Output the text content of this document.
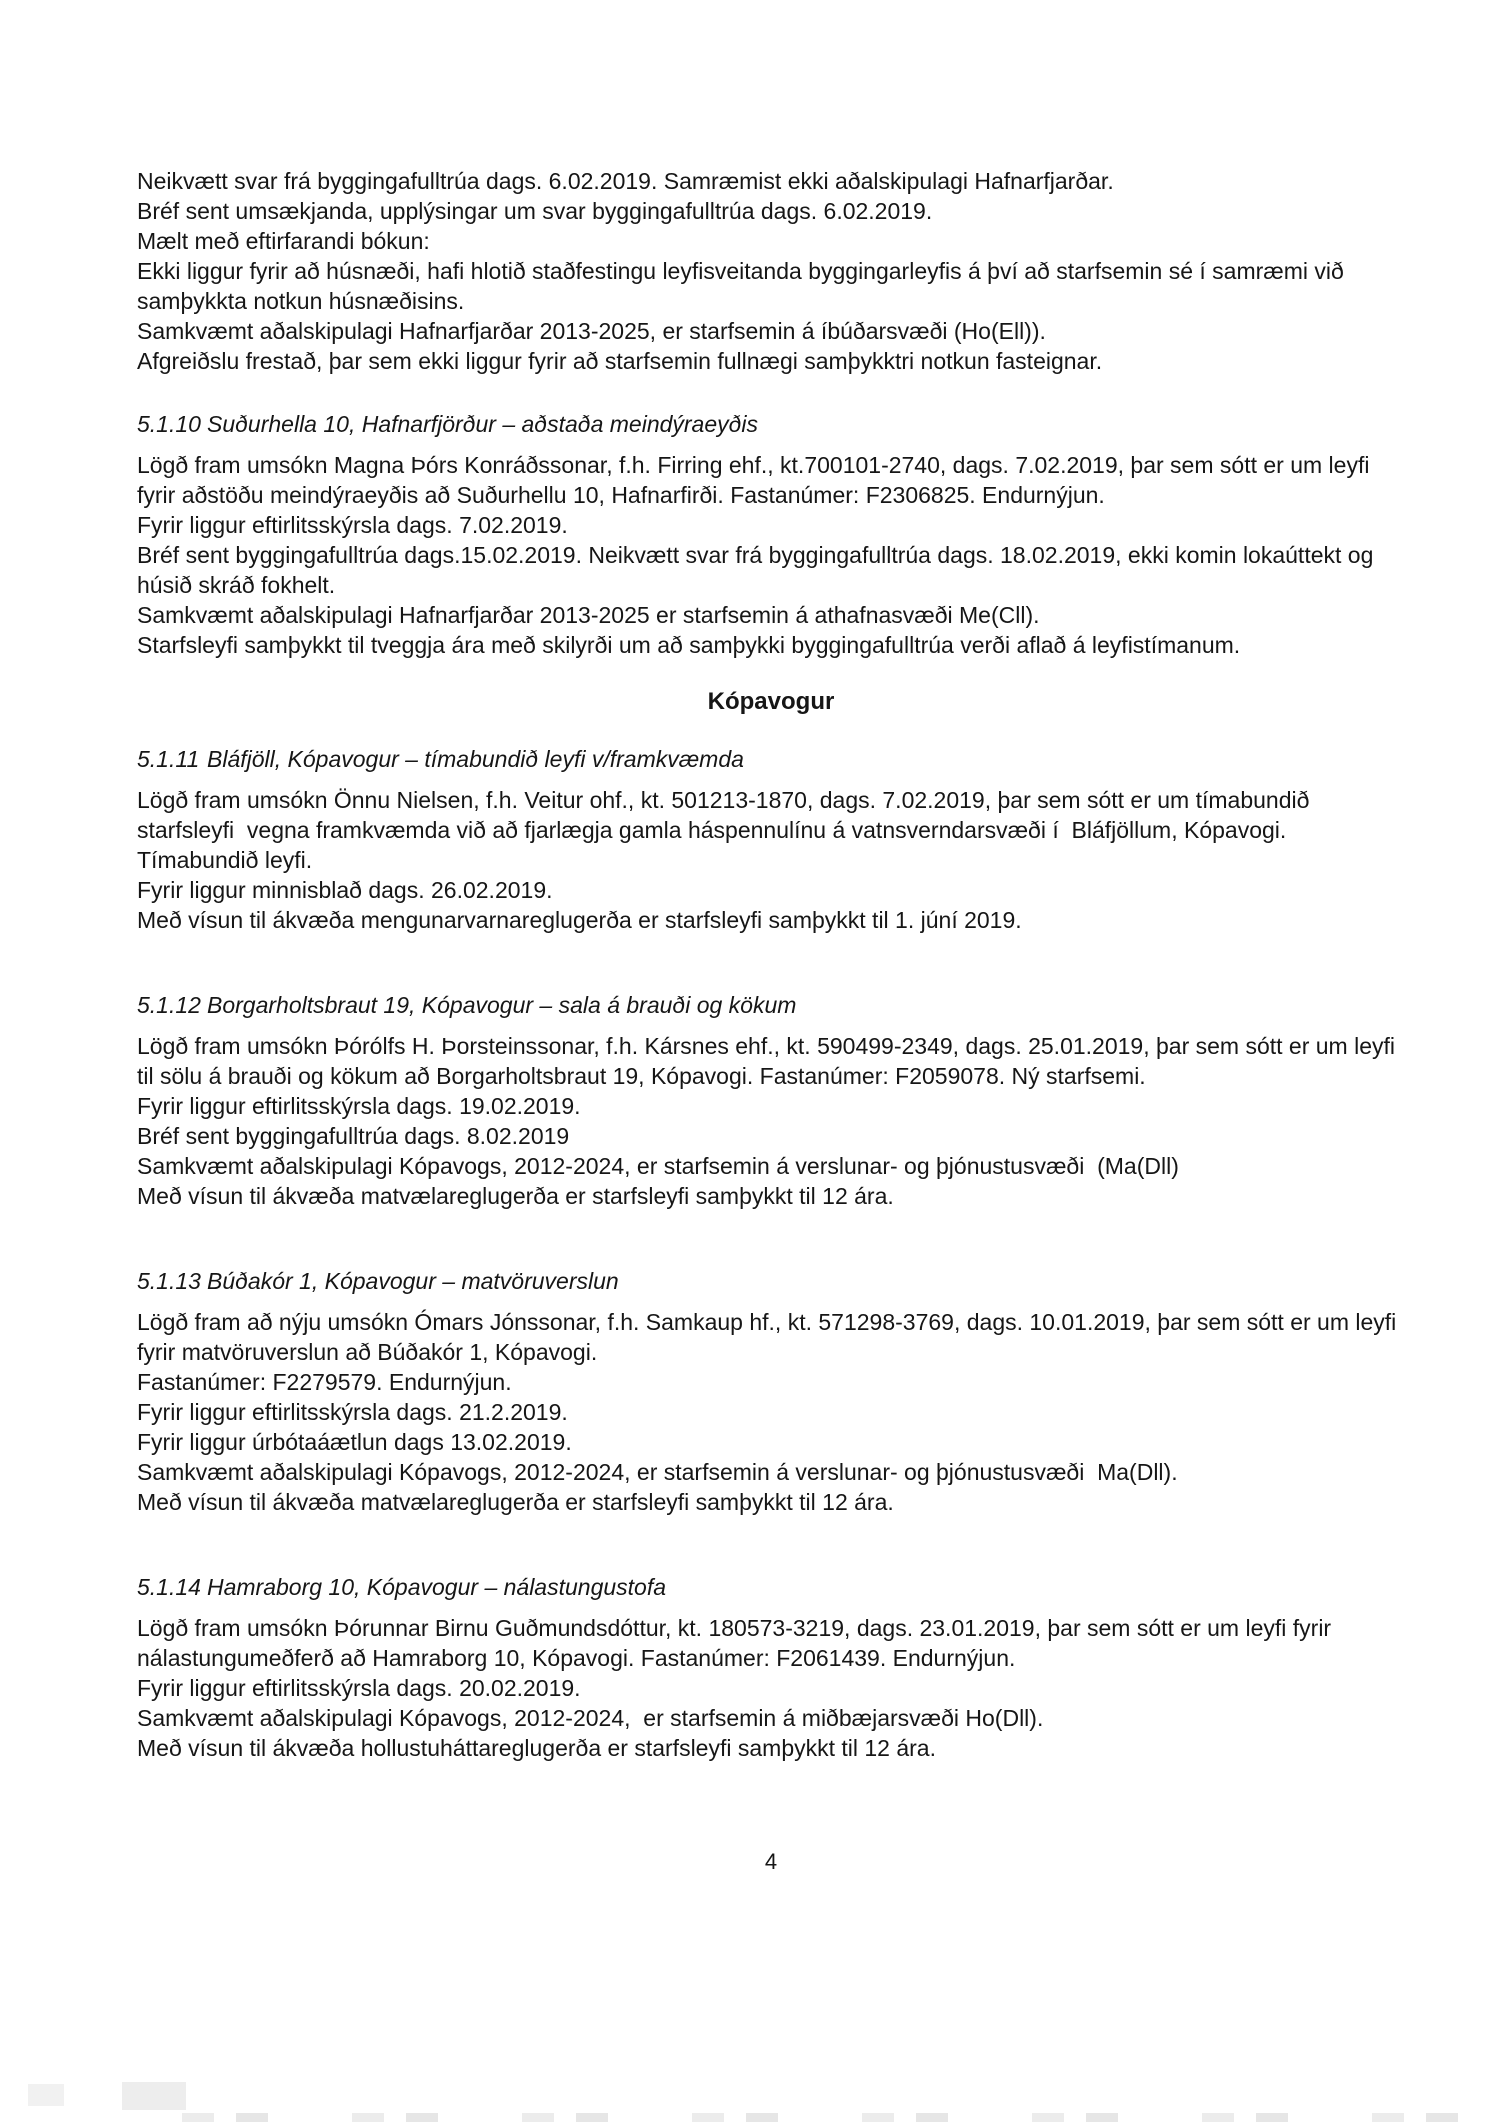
Neikvætt svar frá byggingafulltrúa dags. 6.02.2019. Samræmist ekki aðalskipulagi Hafnarfjarðar.

Bréf sent umsækjanda, upplýsingar um svar byggingafulltrúa dags. 6.02.2019.

Mælt með eftirfarandi bókun:

Ekki liggur fyrir að húsnæði, hafi hlotið staðfestingu leyfisveitanda byggingarleyfis á því að starfsemin sé í samræmi við samþykkta notkun húsnæðisins.

Samkvæmt aðalskipulagi Hafnarfjarðar 2013-2025, er starfsemin á íbúðarsvæði (Ho(Ell)).

Afgreiðslu frestað, þar sem ekki liggur fyrir að starfsemin fullnægi samþykktri notkun fasteignar.

5.1.10 Suðurhella 10, Hafnarfjörður – aðstaða meindýraeyðis

Lögð fram umsókn Magna Þórs Konráðssonar, f.h. Firring ehf., kt.700101-2740, dags. 7.02.2019, þar sem sótt er um leyfi fyrir aðstöðu meindýraeyðis að Suðurhellu 10, Hafnarfirði. Fastanúmer: F2306825. Endurnýjun.

Fyrir liggur eftirlitsskýrsla dags. 7.02.2019.

Bréf sent byggingafulltrúa dags.15.02.2019. Neikvætt svar frá byggingafulltrúa dags. 18.02.2019, ekki komin lokaúttekt og húsið skráð fokhelt.

Samkvæmt aðalskipulagi Hafnarfjarðar 2013-2025 er starfsemin á athafnasvæði Me(Cll).

Starfsleyfi samþykkt til tveggja ára með skilyrði um að samþykki byggingafulltrúa verði aflað á leyfistímanum.

Kópavogur
5.1.11 Bláfjöll, Kópavogur – tímabundið leyfi v/framkvæmda

Lögð fram umsókn Önnu Nielsen, f.h. Veitur ohf., kt. 501213-1870, dags. 7.02.2019, þar sem sótt er um tímabundið starfsleyfi  vegna framkvæmda við að fjarlægja gamla háspennulínu á vatnsverndarsvæði í  Bláfjöllum, Kópavogi. Tímabundið leyfi.

Fyrir liggur minnisblað dags. 26.02.2019.

Með vísun til ákvæða mengunarvarnareglugerða er starfsleyfi samþykkt til 1. júní 2019.

5.1.12 Borgarholtsbraut 19, Kópavogur – sala á brauði og kökum

Lögð fram umsókn Þórólfs H. Þorsteinssonar, f.h. Kársnes ehf., kt. 590499-2349, dags. 25.01.2019, þar sem sótt er um leyfi til sölu á brauði og kökum að Borgarholtsbraut 19, Kópavogi. Fastanúmer: F2059078. Ný starfsemi.

Fyrir liggur eftirlitsskýrsla dags. 19.02.2019.

Bréf sent byggingafulltrúa dags. 8.02.2019

Samkvæmt aðalskipulagi Kópavogs, 2012-2024, er starfsemin á verslunar- og þjónustusvæði  (Ma(Dll)

Með vísun til ákvæða matvælareglugerða er starfsleyfi samþykkt til 12 ára.

5.1.13 Búðakór 1, Kópavogur – matvöruverslun

Lögð fram að nýju umsókn Ómars Jónssonar, f.h. Samkaup hf., kt. 571298-3769, dags. 10.01.2019, þar sem sótt er um leyfi fyrir matvöruverslun að Búðakór 1, Kópavogi.

Fastanúmer: F2279579. Endurnýjun.

Fyrir liggur eftirlitsskýrsla dags. 21.2.2019.

Fyrir liggur úrbótaáætlun dags 13.02.2019.

Samkvæmt aðalskipulagi Kópavogs, 2012-2024, er starfsemin á verslunar- og þjónustusvæði  Ma(Dll).

Með vísun til ákvæða matvælareglugerða er starfsleyfi samþykkt til 12 ára.

5.1.14 Hamraborg 10, Kópavogur – nálastungustofa

Lögð fram umsókn Þórunnar Birnu Guðmundsdóttur, kt. 180573-3219, dags. 23.01.2019, þar sem sótt er um leyfi fyrir nálastungumeðferð að Hamraborg 10, Kópavogi. Fastanúmer: F2061439. Endurnýjun.

Fyrir liggur eftirlitsskýrsla dags. 20.02.2019.

Samkvæmt aðalskipulagi Kópavogs, 2012-2024,  er starfsemin á miðbæjarsvæði Ho(Dll).

Með vísun til ákvæða hollustuháttareglugerða er starfsleyfi samþykkt til 12 ára.

4
